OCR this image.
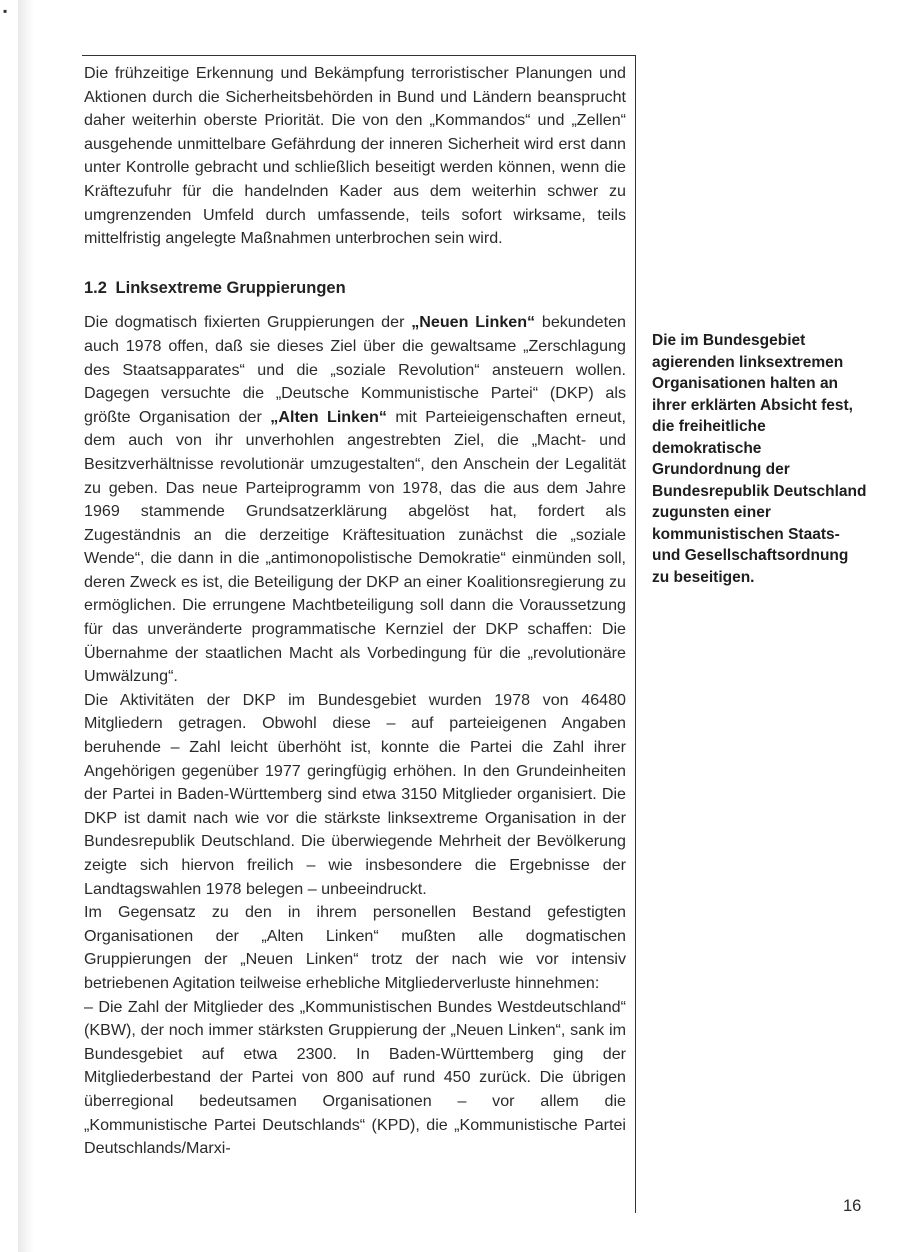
▪

Die frühzeitige Erkennung und Bekämpfung terroristischer Planungen und Aktionen durch die Sicherheitsbehörden in Bund und Ländern beansprucht daher weiterhin oberste Priorität. Die von den „Kommandos“ und „Zellen“ ausgehende unmittelbare Gefährdung der inneren Sicherheit wird erst dann unter Kontrolle gebracht und schließlich beseitigt werden können, wenn die Kräftezufuhr für die handelnden Kader aus dem weiterhin schwer zu umgrenzenden Umfeld durch umfassende, teils sofort wirksame, teils mittelfristig angelegte Maßnahmen unterbrochen sein wird.

1.2 Linksextreme Gruppierungen

Die dogmatisch fixierten Gruppierungen der „Neuen Linken“ bekundeten auch 1978 offen, daß sie dieses Ziel über die gewaltsame „Zerschlagung des Staatsapparates“ und die „soziale Revolution“ ansteuern wollen. Dagegen versuchte die „Deutsche Kommunistische Partei“ (DKP) als größte Organisation der „Alten Linken“ mit Parteieigenschaften erneut, dem auch von ihr unverhohlen angestrebten Ziel, die „Macht- und Besitzverhältnisse revolutionär umzugestalten“, den Anschein der Legalität zu geben. Das neue Parteiprogramm von 1978, das die aus dem Jahre 1969 stammende Grundsatzerklärung abgelöst hat, fordert als Zugeständnis an die derzeitige Kräftesituation zunächst die „soziale Wende“, die dann in die „antimonopolistische Demokratie“ einmünden soll, deren Zweck es ist, die Beteiligung der DKP an einer Koalitionsregierung zu ermöglichen. Die errungene Machtbeteiligung soll dann die Voraussetzung für das unveränderte programmatische Kernziel der DKP schaffen: Die Übernahme der staatlichen Macht als Vorbedingung für die „revolutionäre Umwälzung“.

Die Aktivitäten der DKP im Bundesgebiet wurden 1978 von 46480 Mitgliedern getragen. Obwohl diese – auf parteieigenen Angaben beruhende – Zahl leicht überhöht ist, konnte die Partei die Zahl ihrer Angehörigen gegenüber 1977 geringfügig erhöhen. In den Grundeinheiten der Partei in Baden-Württemberg sind etwa 3150 Mitglieder organisiert. Die DKP ist damit nach wie vor die stärkste linksextreme Organisation in der Bundesrepublik Deutschland. Die überwiegende Mehrheit der Bevölkerung zeigte sich hiervon freilich – wie insbesondere die Ergebnisse der Landtagswahlen 1978 belegen – unbeeindruckt.

Im Gegensatz zu den in ihrem personellen Bestand gefestigten Organisationen der „Alten Linken“ mußten alle dogmatischen Gruppierungen der „Neuen Linken“ trotz der nach wie vor intensiv betriebenen Agitation teilweise erhebliche Mitgliederverluste hinnehmen:

– Die Zahl der Mitglieder des „Kommunistischen Bundes Westdeutschland“ (KBW), der noch immer stärksten Gruppierung der „Neuen Linken“, sank im Bundesgebiet auf etwa 2300. In Baden-Württemberg ging der Mitgliederbestand der Partei von 800 auf rund 450 zurück. Die übrigen überregional bedeutsamen Organisationen – vor allem die „Kommunistische Partei Deutschlands“ (KPD), die „Kommunistische Partei Deutschlands/Marxi-

Die im Bundesgebiet agierenden linksextremen Organisationen halten an ihrer erklärten Absicht fest, die freiheitliche demokratische Grundordnung der Bundesrepublik Deutschland zugunsten einer kommunistischen Staats- und Gesellschaftsordnung zu beseitigen.
16
